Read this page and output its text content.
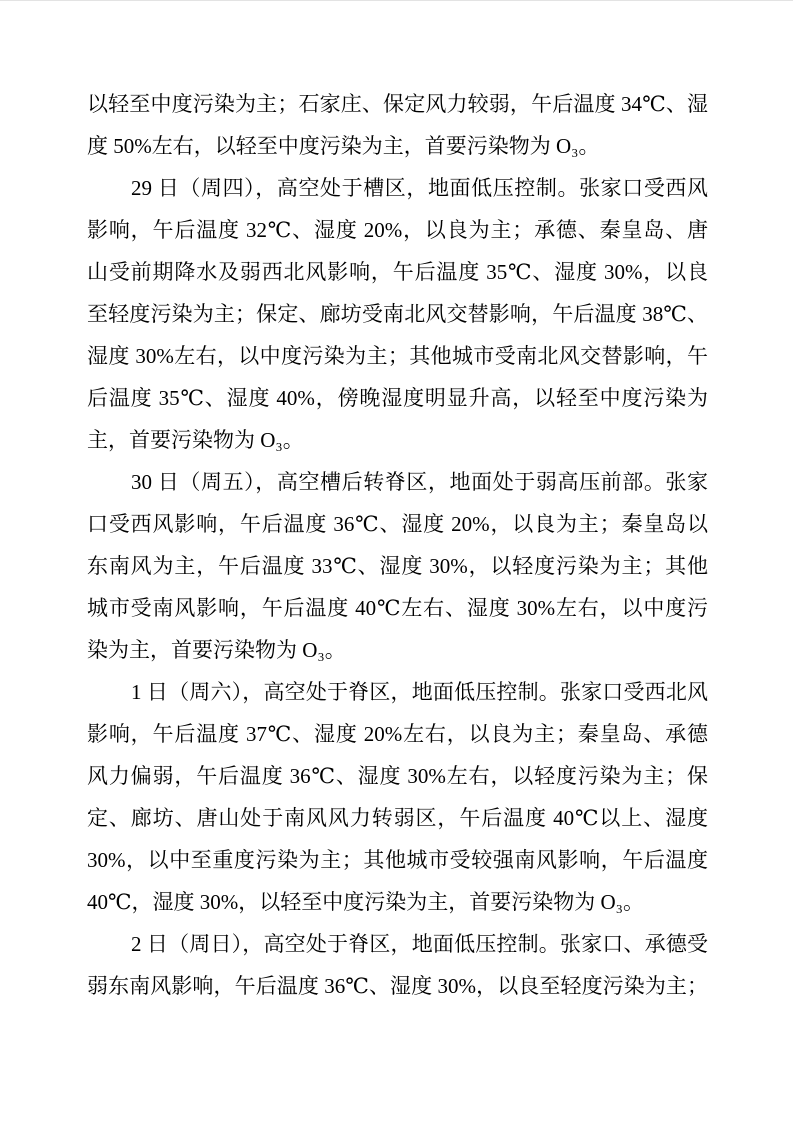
以轻至中度污染为主；石家庄、保定风力较弱，午后温度 34℃、湿
度 50%左右，以轻至中度污染为主，首要污染物为 O₃。

29 日（周四），高空处于槽区，地面低压控制。张家口受西风
影响，午后温度 32℃、湿度 20%，以良为主；承德、秦皇岛、唐
山受前期降水及弱西北风影响，午后温度 35℃、湿度 30%，以良
至轻度污染为主；保定、廊坊受南北风交替影响，午后温度 38℃、
湿度 30%左右，以中度污染为主；其他城市受南北风交替影响，午
后温度 35℃、湿度 40%，傍晚湿度明显升高，以轻至中度污染为
主，首要污染物为 O₃。

30 日（周五），高空槽后转脊区，地面处于弱高压前部。张家
口受西风影响，午后温度 36℃、湿度 20%，以良为主；秦皇岛以
东南风为主，午后温度 33℃、湿度 30%，以轻度污染为主；其他
城市受南风影响，午后温度 40℃左右、湿度 30%左右，以中度污
染为主，首要污染物为 O₃。

1 日（周六），高空处于脊区，地面低压控制。张家口受西北风
影响，午后温度 37℃、湿度 20%左右，以良为主；秦皇岛、承德
风力偏弱，午后温度 36℃、湿度 30%左右，以轻度污染为主；保
定、廊坊、唐山处于南风风力转弱区，午后温度 40℃以上、湿度
30%，以中至重度污染为主；其他城市受较强南风影响，午后温度
40℃，湿度 30%，以轻至中度污染为主，首要污染物为 O₃。

2 日（周日），高空处于脊区，地面低压控制。张家口、承德受
弱东南风影响，午后温度 36℃、湿度 30%，以良至轻度污染为主；
